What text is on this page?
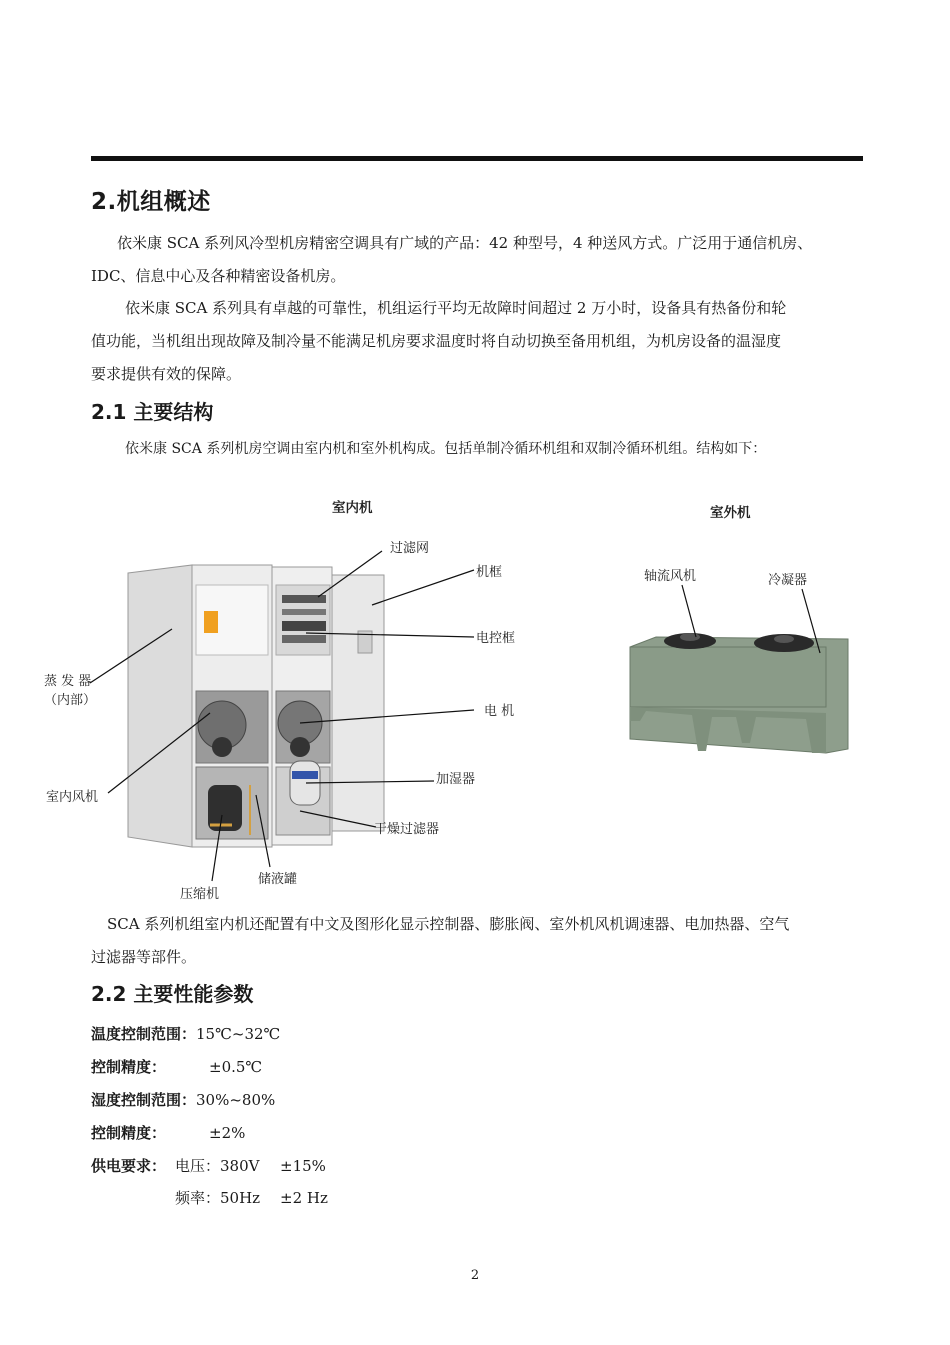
2.机组概述
依米康 SCA 系列风冷型机房精密空调具有广域的产品：42 种型号，4 种送风方式。广泛用于通信机房、
IDC、信息中心及各种精密设备机房。
依米康 SCA 系列具有卓越的可靠性，机组运行平均无故障时间超过 2 万小时，设备具有热备份和轮
值功能，当机组出现故障及制冷量不能满足机房要求温度时将自动切换至备用机组，为机房设备的温湿度
要求提供有效的保障。
2.1 主要结构
依米康 SCA 系列机房空调由室内机和室外机构成。包括单制冷循环机组和双制冷循环机组。结构如下：
室内机	室外机
过滤网
机框
电控框
蒸 发 器
（内部）
电 机
室内风机
加湿器
干燥过滤器
储液罐
压缩机
轴流风机	冷凝器
SCA 系列机组室内机还配置有中文及图形化显示控制器、膨胀阀、室外机风机调速器、电加热器、空气
过滤器等部件。
2.2 主要性能参数
温度控制范围：15℃~32℃
控制精度：	±0.5℃
湿度控制范围：30%~80%
控制精度：	±2%
供电要求： 电压：380V ±15%
频率：50Hz ±2 Hz
2
